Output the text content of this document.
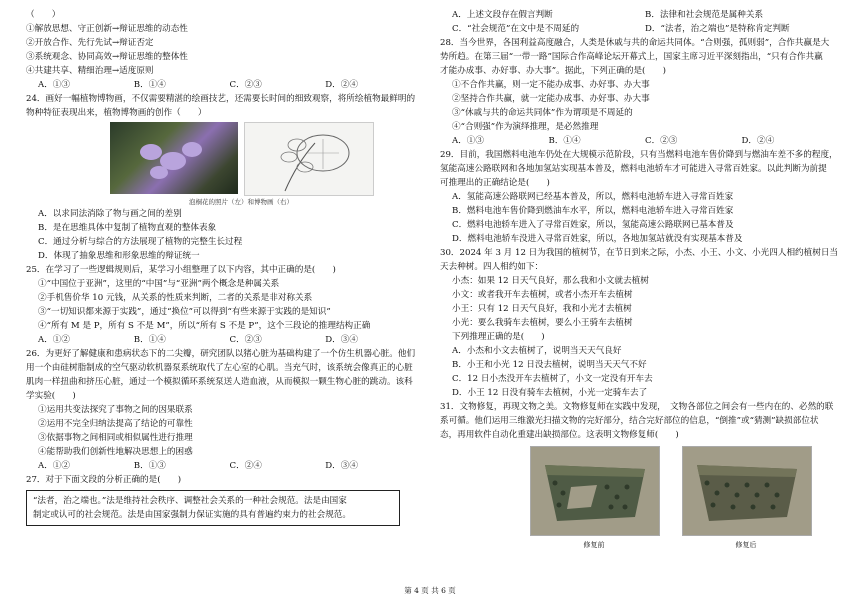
（　　）
①解放思想、守正创新→辩证思维的动态性
②开放合作、先行先试→辩证否定
③系统观念、协同高效→辩证思维的整体性
④共建共享、精细治理→适度原则
A．①③	B．①④	C．②③	D．②④
24．画好一幅植物博物画，不仅需要精湛的绘画技艺，还需要长时间的细致观察，将所绘植物最鲜明的
物种特征表现出来，植物博物画的创作（　　）
泡桐花的照片（左）和博物画（右）
A．以求同法消除了物与画之间的差别
B．是在思维具体中复制了植物直观的整体表象
C．通过分析与综合的方法展现了植物的完整生长过程
D．体现了抽象思维和形象思维的辩证统一
25．在学习了一些逻辑规则后，某学习小组整理了以下内容，其中正确的是(　　)
①“中国位于亚洲”，这里的“中国”与“亚洲”两个概念是种属关系
②手机售价华 10 元钱，从关系的性质来判断，二者的关系是非对称关系
③“一切知识都来源于实践”，通过“换位”可以得到“有些来源于实践的是知识”
④“所有 M 是 P，所有 S 不是 M”，所以“所有 S 不是 P”，这个三段论的推理结构正确
A．①②	B．①④	C．②③	D．③④
26．为更好了解健康和患病状态下的二尖瓣，研究团队以猪心脏为基础构建了一个仿生机器心脏。他们
用一个由硅树脂制成的空气驱动软机器泵系统取代了左心室的心肌。当充气时，该系统会像真正的心脏
肌肉一样扭曲和挤压心脏，通过一个模拟循环系统泵送人造血液，从而模拟一颗生物心脏的跳动。该科
学实验(　　)
①运用共变法探究了事物之间的因果联系
②运用不完全归纳法提高了结论的可靠性
③依据事物之间相同或相似属性进行推理
④能帮助我们创新性地解决思想上的困惑
A．①②	B．①③	C．②④	D．③④
27．对于下面文段的分析正确的是(　　)
“法者，治之端也。”法是维持社会秩序、调整社会关系的一种社会规范。法是由国家
制定或认可的社会规范。法是由国家强制力保证实施的具有普遍约束力的社会规范。
A．上述文段存在假言判断	B．法律和社会规范是属种关系
C．“社会规范”在文中是不周延的	D．“法者，治之端也”是特称肯定判断
28．当今世界，各国利益高度融合，人类是休戚与共的命运共同体。“合则强，孤则弱”，合作共赢是大
势所趋。在第三届“一带一路”国际合作高峰论坛开幕式上，国家主席习近平深刻指出，“只有合作共赢
才能办成事、办好事、办大事”。据此，下列正确的是(　　)
①不合作共赢，则一定不能办成事、办好事、办大事
②坚持合作共赢，就一定能办成事、办好事、办大事
③“休戚与共的命运共同体”作为谓项是不周延的
④“合则强”作为演绎推理，是必然推理
A．①③	B．①④	C．②③	D．②④
29．目前，我国燃料电池车仍处在大规模示范阶段，只有当燃料电池车售价降到与燃油车差不多的程度，
氢能高速公路联网和各地加氢站实现基本普及，燃料电池轿车才可能进入寻常百姓家。以此判断为前提
可推理出的正确结论是(　　)
A．氢能高速公路联网已经基本普及，所以，燃料电池轿车进入寻常百姓家
B．燃料电池车售价降到燃油车水平，所以，燃料电池轿车进入寻常百姓家
C．燃料电池轿车进入了寻常百姓家，所以，氢能高速公路联网已基本普及
D．燃料电池轿车没进入寻常百姓家，所以，各地加氢站就没有实现基本普及
30．2024 年 3 月 12 日为我国的植树节，在节日到来之际，小杰、小王、小文、小光四人相约植树日当
天去种树。四人相约如下：
小杰：如果 12 日天气良好，那么我和小文就去植树
小文：或者我开车去植树，或者小杰开车去植树
小王：只有 12 日天气良好，我和小光才去植树
小光：要么我骑车去植树，要么小王骑车去植树
下列推理正确的是(　　)
A．小杰和小文去植树了，说明当天天气良好
B．小王和小光 12 日没去植树，说明当天天气不好
C．12 日小杰没开车去植树了，小文一定没有开车去
D．小王 12 日没有骑车去植树，小光一定骑车去了
31．文物修复，再现文物之美。文物修复师在实践中发现，　文物各部位之间会有一些内在的、必然的联
系可循。他们运用三维激光扫描文物的完好部分，结合完好部位的信息，“倒推”或“猜测”缺损部位状
态，再用软件自动化重建出缺损部位。这表明文物修复师(　　)
修复前	修复后
第 4 页 共 6 页
